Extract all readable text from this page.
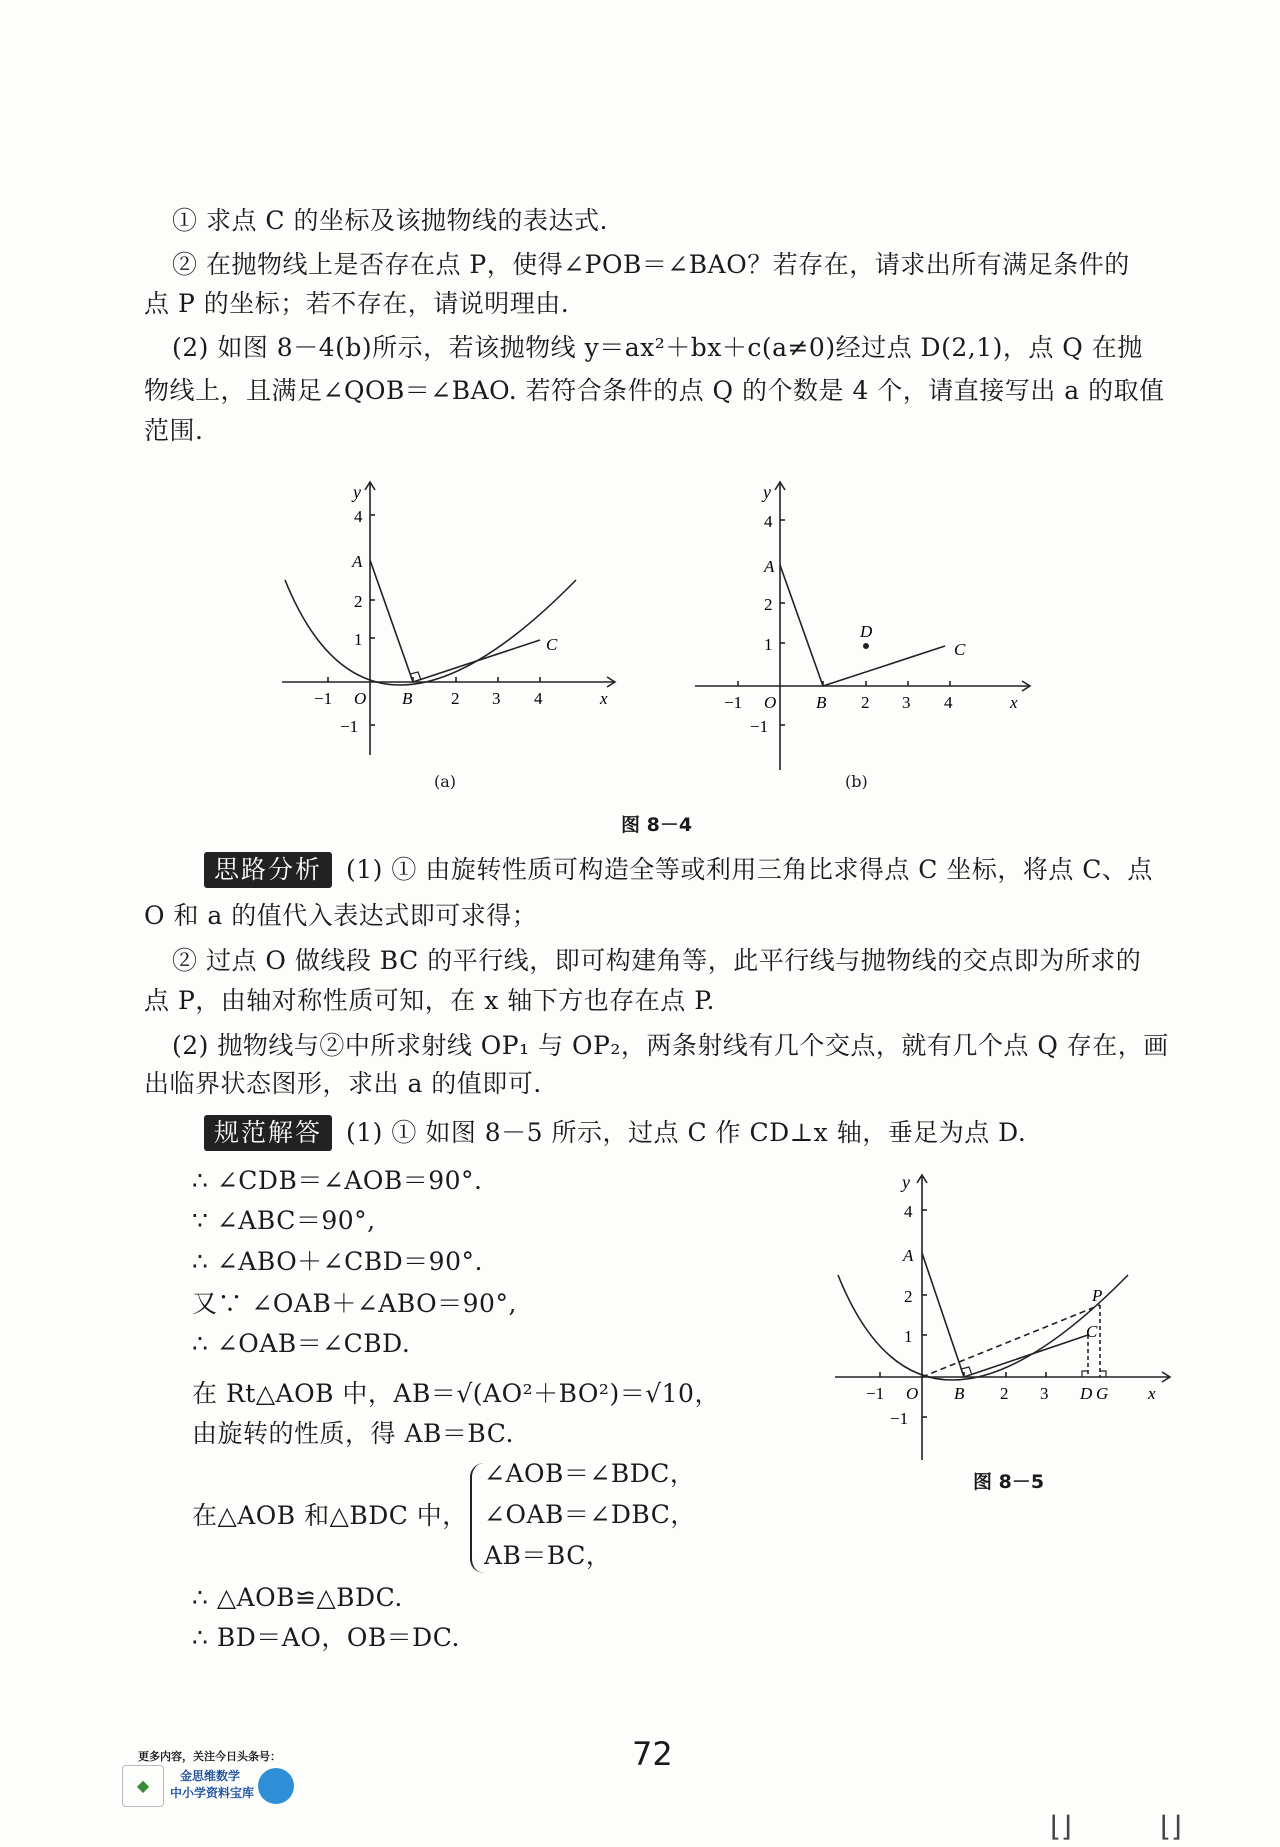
① 求点 C 的坐标及该抛物线的表达式.
② 在抛物线上是否存在点 P，使得∠POB＝∠BAO？若存在，请求出所有满足条件的
点 P 的坐标；若不存在，请说明理由.
(2) 如图 8－4(b)所示，若该抛物线 y＝ax²＋bx＋c(a≠0)经过点 D(2,1)，点 Q 在抛
物线上，且满足∠QOB＝∠BAO. 若符合条件的点 Q 的个数是 4 个，请直接写出 a 的取值
范围.
y
4
A
2
1
−1
−1 O B 2 3 4	x
C
(a)
y
4
A
2
1
−1
−1 O B 2 3 4	x
D
C
(b)
图 8－4
思路分析 (1) ① 由旋转性质可构造全等或利用三角比求得点 C 坐标，将点 C、点
O 和 a 的值代入表达式即可求得；
② 过点 O 做线段 BC 的平行线，即可构建角等，此平行线与抛物线的交点即为所求的
点 P，由轴对称性质可知，在 x 轴下方也存在点 P.
(2) 抛物线与②中所求射线 OP₁ 与 OP₂，两条射线有几个交点，就有几个点 Q 存在，画
出临界状态图形，求出 a 的值即可.
规范解答 (1) ① 如图 8－5 所示，过点 C 作 CD⊥x 轴，垂足为点 D.
∴ ∠CDB＝∠AOB＝90°.
∵ ∠ABC＝90°,
∴ ∠ABO＋∠CBD＝90°.
又∵ ∠OAB＋∠ABO＝90°,
∴ ∠OAB＝∠CBD.
在 Rt△AOB 中，AB＝√(AO²＋BO²)＝√10，
由旋转的性质，得 AB＝BC.
在△AOB 和△BDC 中，
∠AOB＝∠BDC，
∠OAB＝∠DBC，
AB＝BC，
∴ △AOB≌△BDC.
∴ BD＝AO，OB＝DC.
y
4
A
2
1
−1
−1 O B 2 3 D G x
P
C
图 8－5
72
更多内容，关注今日头条号：
◆	金思维数学
中小学资料宝库
⌊⌋	⌊⌋
